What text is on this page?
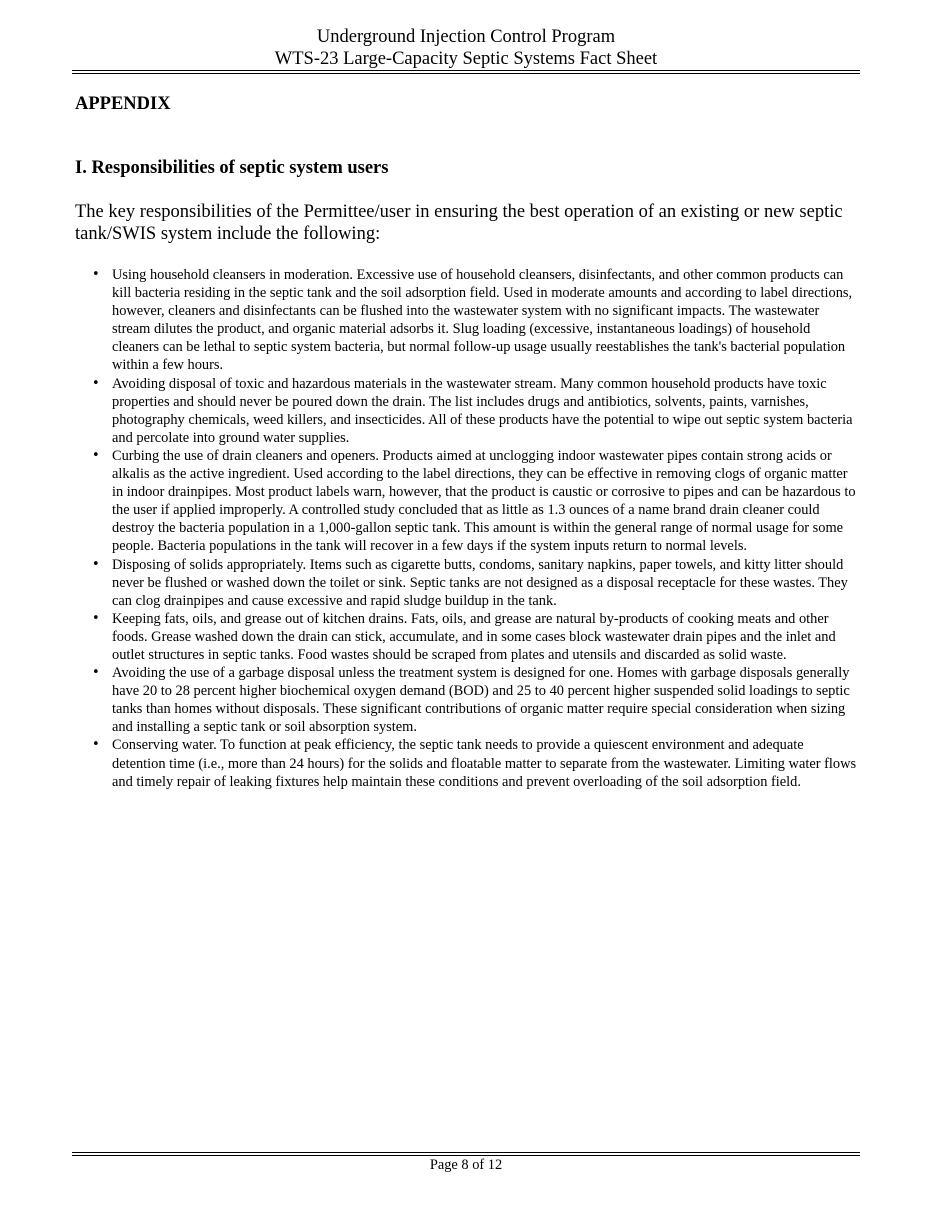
Underground Injection Control Program
WTS-23 Large-Capacity Septic Systems Fact Sheet
APPENDIX
I. Responsibilities of septic system users

The key responsibilities of the Permittee/user in ensuring the best operation of an existing or new septic tank/SWIS system include the following:

• Using household cleansers in moderation. Excessive use of household cleansers, disinfectants, and other common products can kill bacteria residing in the septic tank and the soil adsorption field. Used in moderate amounts and according to label directions, however, cleaners and disinfectants can be flushed into the wastewater system with no significant impacts. The wastewater stream dilutes the product, and organic material adsorbs it. Slug loading (excessive, instantaneous loadings) of household cleaners can be lethal to septic system bacteria, but normal follow-up usage usually reestablishes the tank's bacterial population within a few hours.
• Avoiding disposal of toxic and hazardous materials in the wastewater stream. Many common household products have toxic properties and should never be poured down the drain. The list includes drugs and antibiotics, solvents, paints, varnishes, photography chemicals, weed killers, and insecticides. All of these products have the potential to wipe out septic system bacteria and percolate into ground water supplies.
• Curbing the use of drain cleaners and openers. Products aimed at unclogging indoor wastewater pipes contain strong acids or alkalis as the active ingredient. Used according to the label directions, they can be effective in removing clogs of organic matter in indoor drainpipes. Most product labels warn, however, that the product is caustic or corrosive to pipes and can be hazardous to the user if applied improperly. A controlled study concluded that as little as 1.3 ounces of a name brand drain cleaner could destroy the bacteria population in a 1,000-gallon septic tank. This amount is within the general range of normal usage for some people. Bacteria populations in the tank will recover in a few days if the system inputs return to normal levels.
• Disposing of solids appropriately. Items such as cigarette butts, condoms, sanitary napkins, paper towels, and kitty litter should never be flushed or washed down the toilet or sink. Septic tanks are not designed as a disposal receptacle for these wastes. They can clog drainpipes and cause excessive and rapid sludge buildup in the tank.
• Keeping fats, oils, and grease out of kitchen drains. Fats, oils, and grease are natural by-products of cooking meats and other foods. Grease washed down the drain can stick, accumulate, and in some cases block wastewater drain pipes and the inlet and outlet structures in septic tanks. Food wastes should be scraped from plates and utensils and discarded as solid waste.
• Avoiding the use of a garbage disposal unless the treatment system is designed for one. Homes with garbage disposals generally have 20 to 28 percent higher biochemical oxygen demand (BOD) and 25 to 40 percent higher suspended solid loadings to septic tanks than homes without disposals. These significant contributions of organic matter require special consideration when sizing and installing a septic tank or soil absorption system.
• Conserving water. To function at peak efficiency, the septic tank needs to provide a quiescent environment and adequate detention time (i.e., more than 24 hours) for the solids and floatable matter to separate from the wastewater. Limiting water flows and timely repair of leaking fixtures help maintain these conditions and prevent overloading of the soil adsorption field.
Page 8 of 12
